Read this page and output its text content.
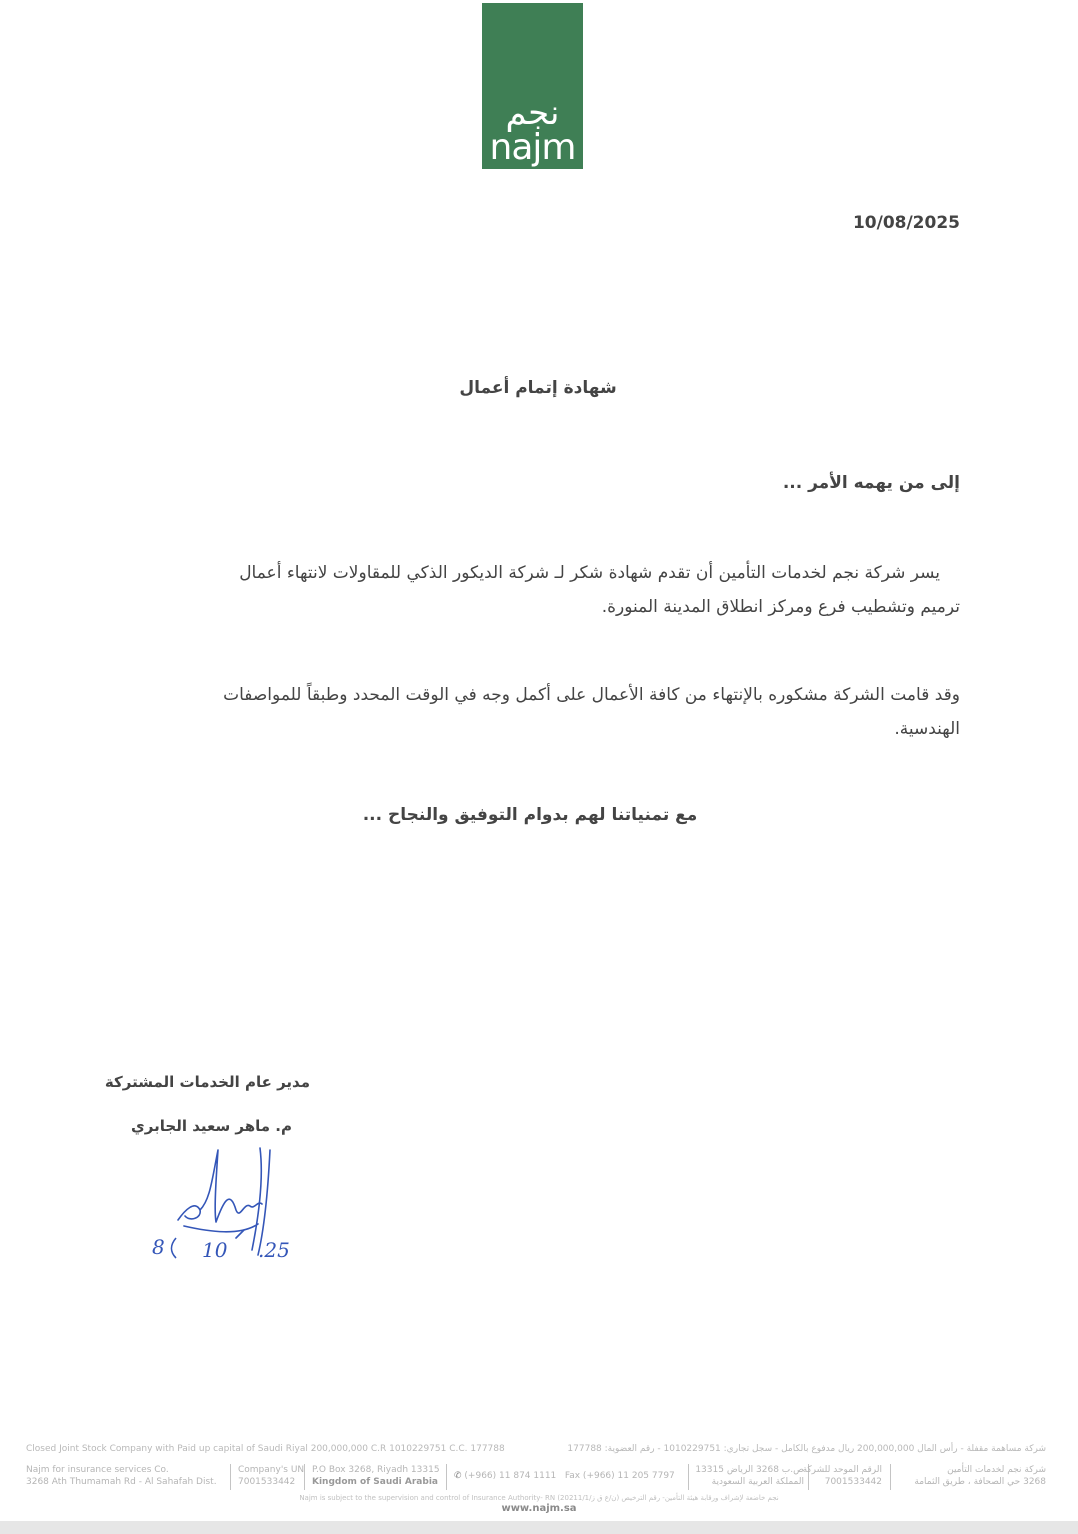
نجم
najm
10/08/2025
شهادة إتمام أعمال
إلى من يهمه الأمر ...
يسر شركة نجم لخدمات التأمين أن تقدم شهادة شكر لـ شركة الديكور الذكي للمقاولات لانتهاء أعمال
ترميم وتشطيب فرع ومركز انطلاق المدينة المنورة.
وقد قامت الشركة مشكوره بالإنتهاء من كافة الأعمال على أكمل وجه في الوقت المحدد وطبقاً للمواصفات
الهندسية.
مع تمنياتنا لهم بدوام التوفيق والنجاح ...
مدير عام الخدمات المشتركة
م. ماهر سعيد الجابري
8 10 .25
Closed Joint Stock Company with Paid up capital of Saudi Riyal 200,000,000 C.R 1010229751 C.C. 177788	شركة مساهمة مقفلة - رأس المال 200,000,000 ريال مدفوع بالكامل - سجل تجاري: 1010229751 - رقم العضوية: 177788
Najm for insurance services Co.
3268 Ath Thumamah Rd - Al Sahafah Dist.
Company's UN
7001533442
P.O Box 3268, Riyadh 13315
Kingdom of Saudi Arabia
✆ (+966) 11 874 1111 Fax (+966) 11 205 7797
ص.ب 3268 الرياض 13315
المملكة العربية السعودية
الرقم الموحد للشركة
7001533442
شركة نجم لخدمات التأمين
3268 حي الصحافة ، طريق الثمامة
Najm is subject to the supervision and control of Insurance Authority- RN (20211/1/ن/ع ق ز) نجم خاضعة لإشراف ورقابة هيئة التأمين- رقم الترخيص
www.najm.sa
